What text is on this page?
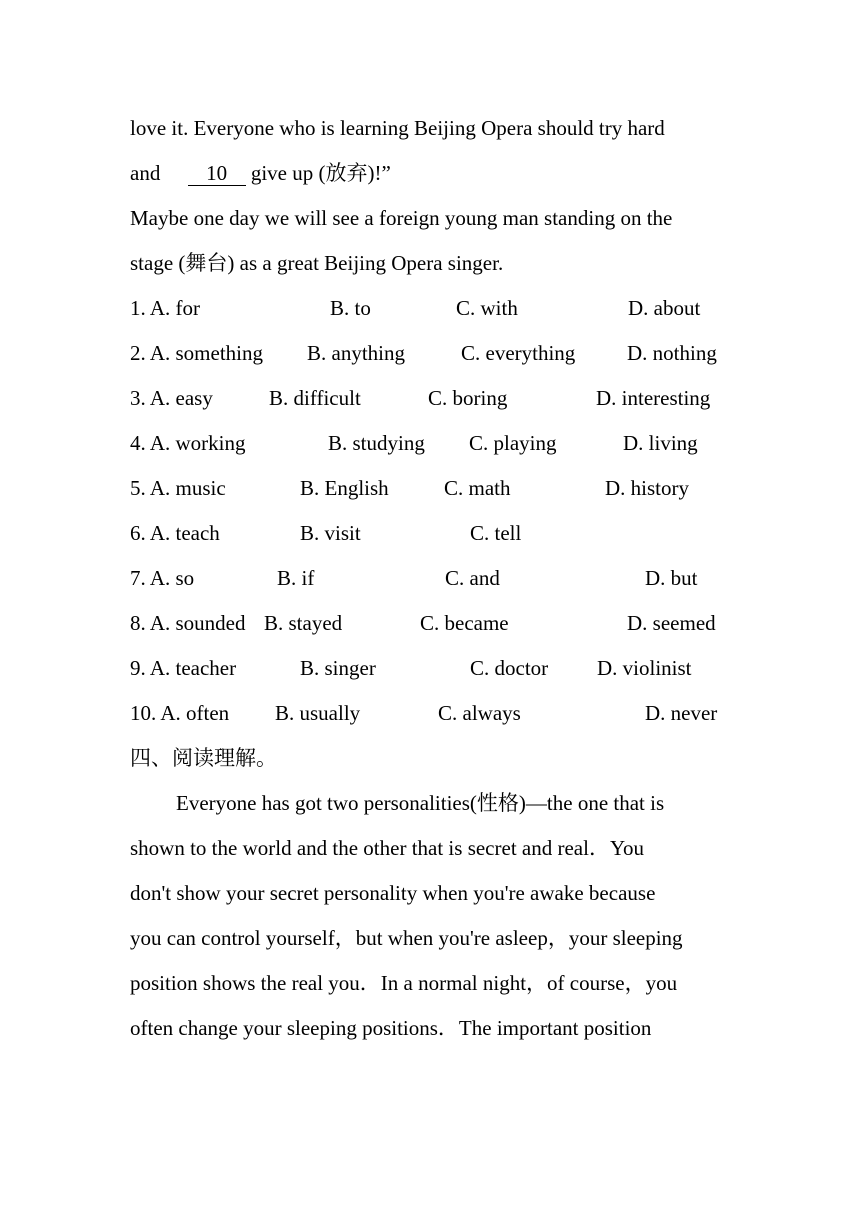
love it. Everyone who is learning Beijing Opera should try hard
and 10 give up (放弃)!”
Maybe one day we will see a foreign young man standing on the
stage (舞台) as a great Beijing Opera singer.
1. A. for	B. to	C. with	D. about
2. A. something B. anything	C. everything D. nothing
3. A. easy	B. difficult	C. boring	D. interesting
4. A. working	B. studying C. playing	D. living
5. A. music	B. English	C. math	D. history
6. A. teach	B. visit	C. tell
7. A. so	B. if	C. and	D. but
8. A. sounded B. stayed	C. became	D. seemed
9. A. teacher	B. singer	C. doctor D. violinist
10. A. often B. usually	C. always	D. never
四、阅读理解。
Everyone has got two personalities(性格)—the one that is
shown to the world and the other that is secret and real．You
don't show your secret personality when you're awake because
you can control yourself，but when you're asleep，your sleeping
position shows the real you．In a normal night，of course，you
often change your sleeping positions．The important position
